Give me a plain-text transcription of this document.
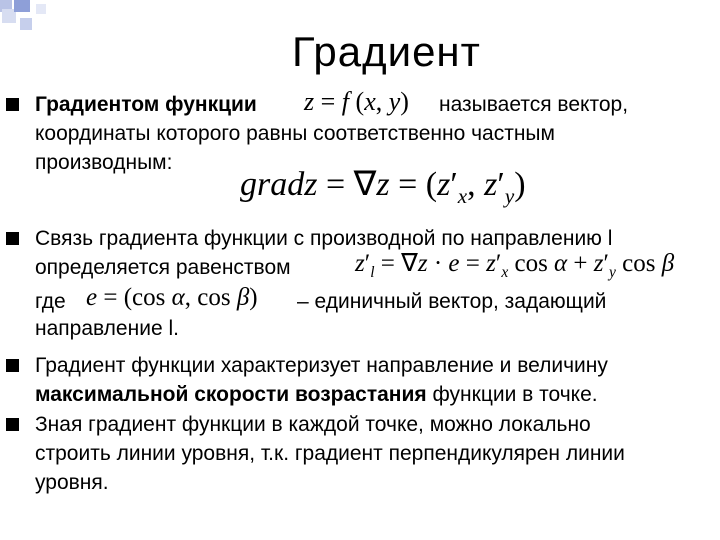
Градиент
Градиентом функции z = f (x, y) называется вектор,
координаты которого равны соответственно частным
производным:
gradz = $\nabla z = (z'_x$, $z'_y$)
Связь градиента функции с производной по направлению l
определяется равенством	$z'_l = \nabla z \cdot e = z'_x$ $\cos \alpha + z'_y$ cos β
где e = (cos α, cos β) – единичный вектор, задающий
направление l.
Градиент функции характеризует направление и величину
максимальной скорости возрастания функции в точке.
Зная градиент функции в каждой точке, можно локально
строить линии уровня, т.к. градиент перпендикулярен линии
уровня.
